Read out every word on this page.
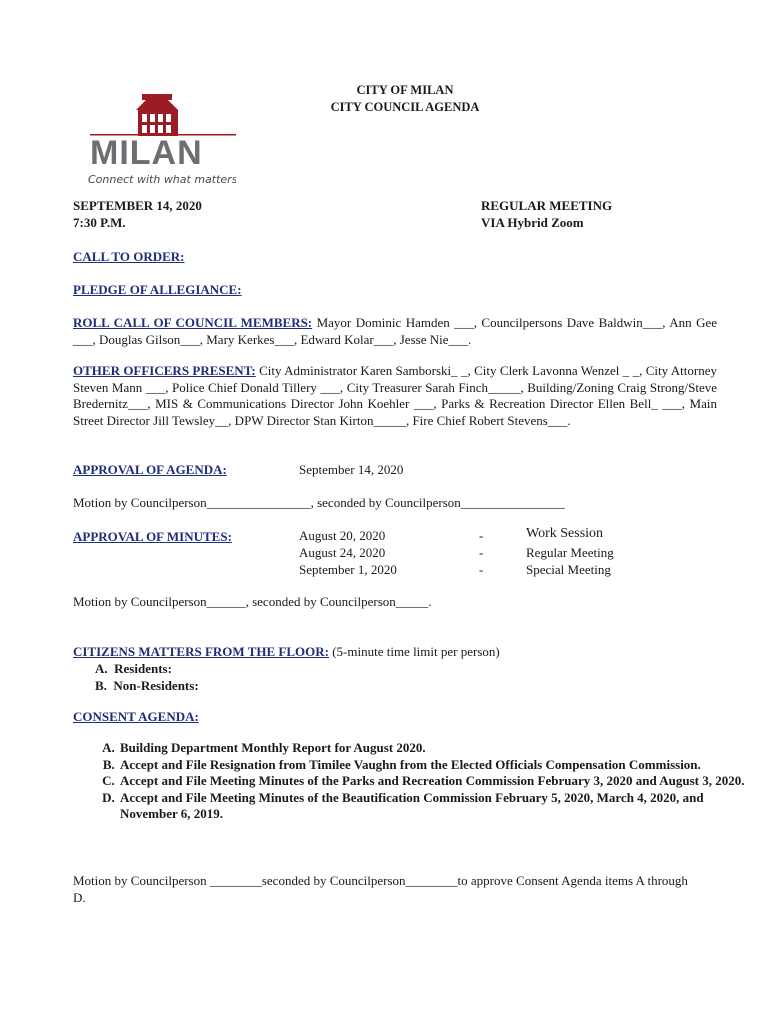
MILAN
Connect with what matters
CITY OF MILAN
CITY COUNCIL AGENDA
SEPTEMBER 14, 2020
7:30 P.M.
REGULAR MEETING
VIA Hybrid Zoom
CALL TO ORDER:
PLEDGE OF ALLEGIANCE:
ROLL CALL OF COUNCIL MEMBERS: Mayor Dominic Hamden ___, Councilpersons Dave Baldwin___, Ann Gee ___, Douglas Gilson___, Mary Kerkes___, Edward Kolar___, Jesse Nie___.
OTHER OFFICERS PRESENT: City Administrator Karen Samborski_ _, City Clerk Lavonna Wenzel _ _, City Attorney Steven Mann ___, Police Chief Donald Tillery ___, City Treasurer Sarah Finch_____, Building/Zoning Craig Strong/Steve Bredernitz___, MIS & Communications Director John Koehler ___, Parks & Recreation Director Ellen Bell_ ___, Main Street Director Jill Tewsley__, DPW Director Stan Kirton_____, Fire Chief Robert Stevens___.
APPROVAL OF AGENDA:	September 14, 2020
Motion by Councilperson________________, seconded by Councilperson________________
APPROVAL OF MINUTES:	August 20, 2020	-	Work Session
August 24, 2020	-	Regular Meeting
September 1, 2020	-	Special Meeting
Motion by Councilperson______, seconded by Councilperson_____.
CITIZENS MATTERS FROM THE FLOOR: (5-minute time limit per person)
A.  Residents:
B.  Non-Residents:
CONSENT AGENDA:
A. Building Department Monthly Report for August 2020.
B. Accept and File Resignation from Timilee Vaughn from the Elected Officials Compensation Commission.
C. Accept and File Meeting Minutes of the Parks and Recreation Commission February 3, 2020 and August 3, 2020.
D. Accept and File Meeting Minutes of the Beautification Commission February 5, 2020, March 4, 2020, and November 6, 2019.
Motion by Councilperson ________seconded by Councilperson________to approve Consent Agenda items A through D.
